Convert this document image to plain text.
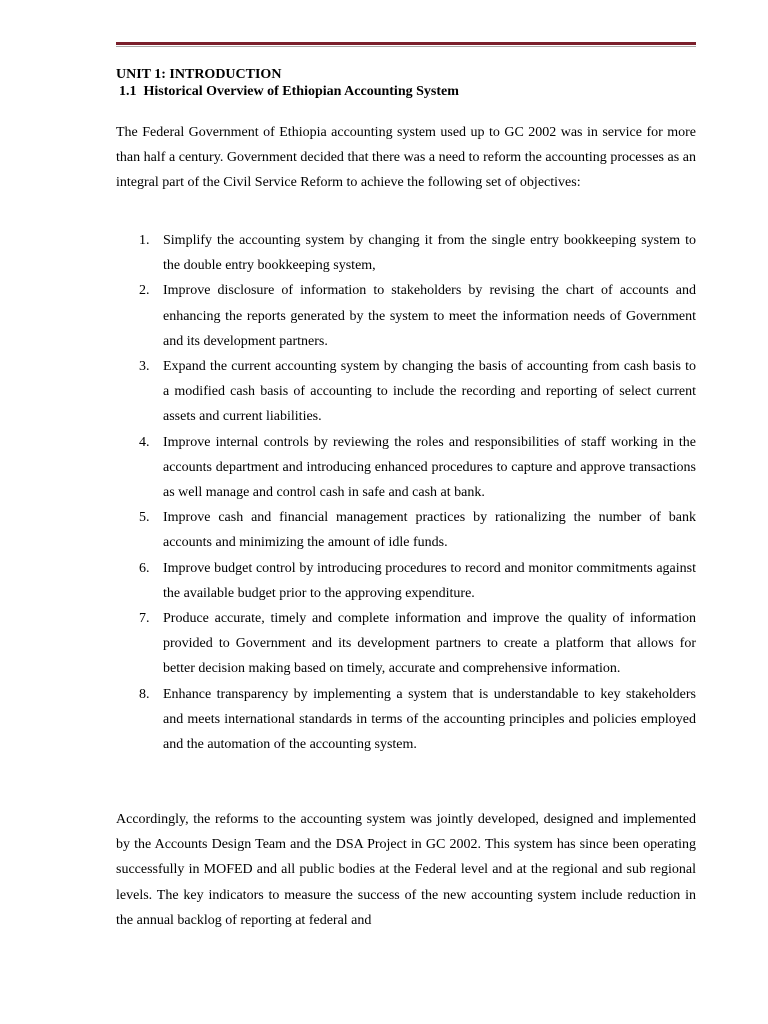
UNIT 1: INTRODUCTION
1.1 Historical Overview of Ethiopian Accounting System

The Federal Government of Ethiopia accounting system used up to GC 2002 was in service for more than half a century. Government decided that there was a need to reform the accounting processes as an integral part of the Civil Service Reform to achieve the following set of objectives:

1. Simplify the accounting system by changing it from the single entry bookkeeping system to the double entry bookkeeping system,
2. Improve disclosure of information to stakeholders by revising the chart of accounts and enhancing the reports generated by the system to meet the information needs of Government and its development partners.
3. Expand the current accounting system by changing the basis of accounting from cash basis to a modified cash basis of accounting to include the recording and reporting of select current assets and current liabilities.
4. Improve internal controls by reviewing the roles and responsibilities of staff working in the accounts department and introducing enhanced procedures to capture and approve transactions as well manage and control cash in safe and cash at bank.
5. Improve cash and financial management practices by rationalizing the number of bank accounts and minimizing the amount of idle funds.
6. Improve budget control by introducing procedures to record and monitor commitments against the available budget prior to the approving expenditure.
7. Produce accurate, timely and complete information and improve the quality of information provided to Government and its development partners to create a platform that allows for better decision making based on timely, accurate and comprehensive information.
8. Enhance transparency by implementing a system that is understandable to key stakeholders and meets international standards in terms of the accounting principles and policies employed and the automation of the accounting system.

Accordingly, the reforms to the accounting system was jointly developed, designed and implemented by the Accounts Design Team and the DSA Project in GC 2002. This system has since been operating successfully in MOFED and all public bodies at the Federal level and at the regional and sub regional levels. The key indicators to measure the success of the new accounting system include reduction in the annual backlog of reporting at federal and
